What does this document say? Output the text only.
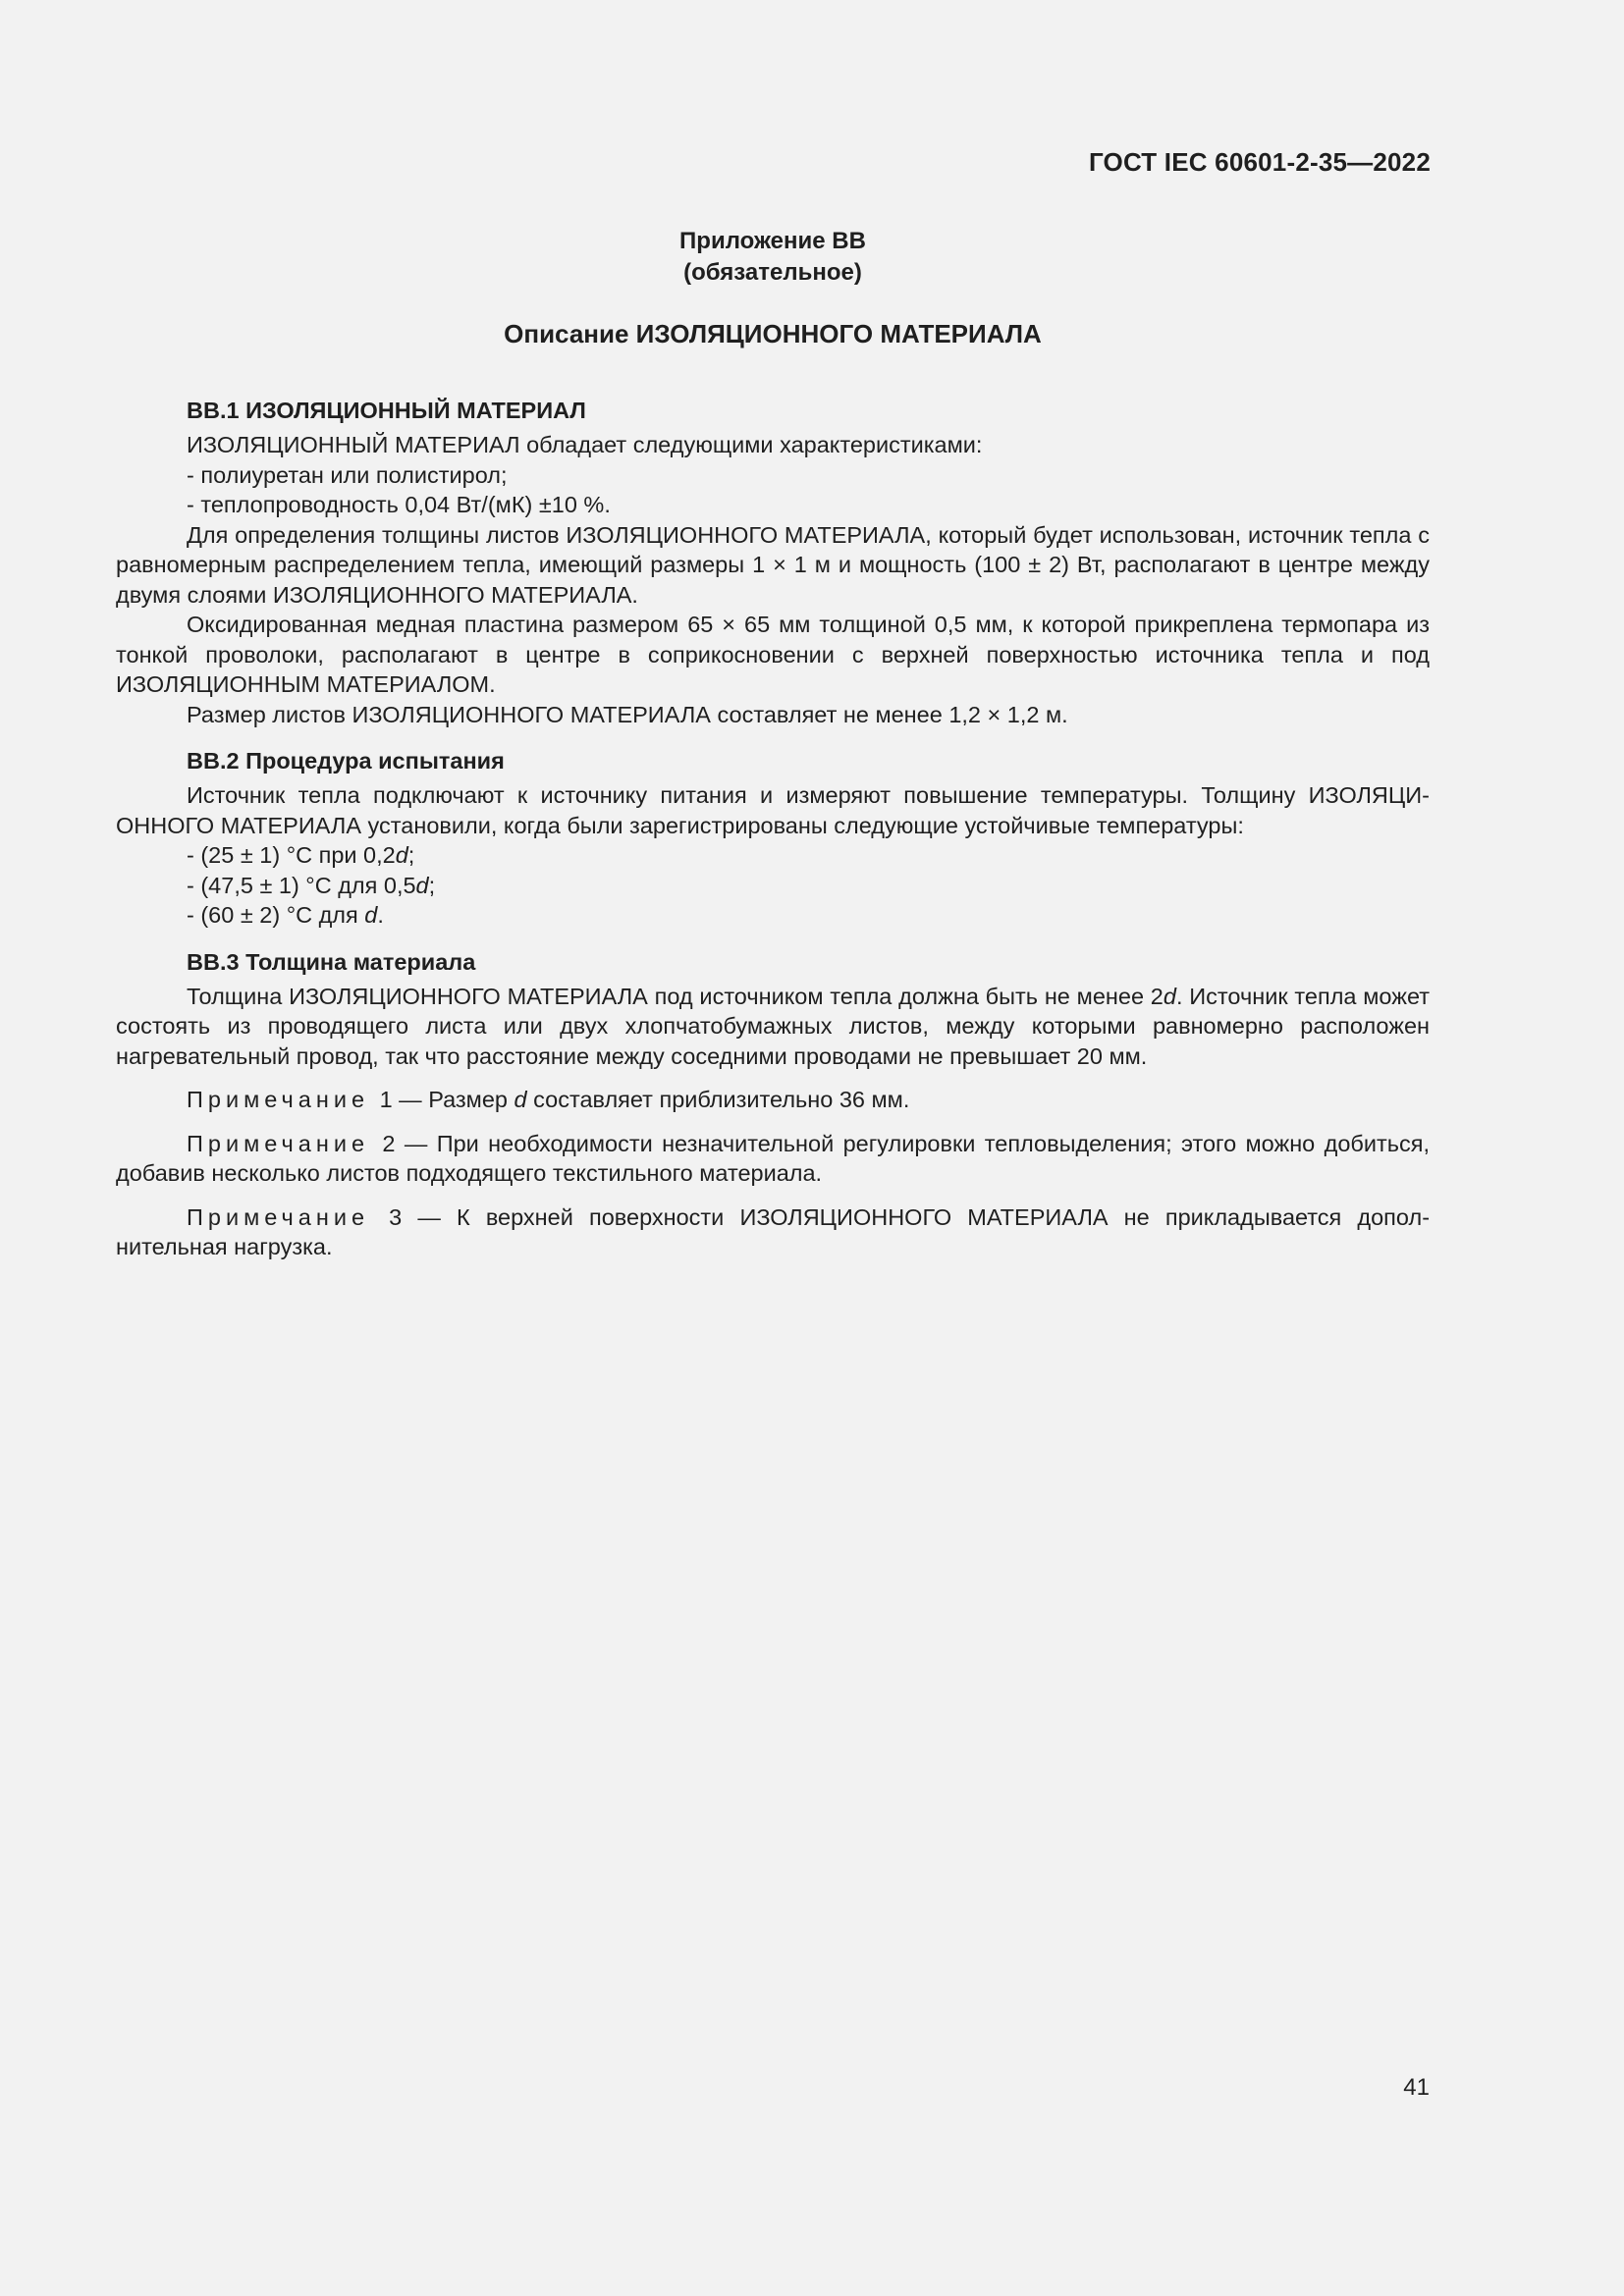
ГОСТ IEC 60601-2-35—2022
Приложение ВВ
(обязательное)
Описание ИЗОЛЯЦИОННОГО МАТЕРИАЛА
ВВ.1 ИЗОЛЯЦИОННЫЙ МАТЕРИАЛ

ИЗОЛЯЦИОННЫЙ МАТЕРИАЛ обладает следующими характеристиками:

- полиуретан или полистирол;
- теплопроводность 0,04 Вт/(мК) ±10 %.

Для определения толщины листов ИЗОЛЯЦИОННОГО МАТЕРИАЛА, который будет использован, источник тепла с равномерным распределением тепла, имеющий размеры 1 × 1 м и мощность (100 ± 2) Вт, располагают в центре между двумя слоями ИЗОЛЯЦИОННОГО МАТЕРИАЛА.

Оксидированная медная пластина размером 65 × 65 мм толщиной 0,5 мм, к которой прикреплена термопара из тонкой проволоки, располагают в центре в соприкосновении с верхней поверхностью источника тепла и под ИЗОЛЯЦИОННЫМ МАТЕРИАЛОМ.

Размер листов ИЗОЛЯЦИОННОГО МАТЕРИАЛА составляет не менее 1,2 × 1,2 м.

ВВ.2 Процедура испытания

Источник тепла подключают к источнику питания и измеряют повышение температуры. Толщину ИЗОЛЯЦИОННОГО МАТЕРИАЛА установили, когда были зарегистрированы следующие устойчивые температуры:

- (25 ± 1) °C при 0,2d;
- (47,5 ± 1) °C для 0,5d;
- (60 ± 2) °C для d.
ВВ.3 Толщина материала

Толщина ИЗОЛЯЦИОННОГО МАТЕРИАЛА под источником тепла должна быть не менее 2d. Источник тепла может состоять из проводящего листа или двух хлопчатобумажных листов, между которыми равномерно расположен нагревательный провод, так что расстояние между соседними проводами не превышает 20 мм.

Примечание 1 — Размер d составляет приблизительно 36 мм.

Примечание 2 — При необходимости незначительной регулировки тепловыделения; этого можно добиться, добавив несколько листов подходящего текстильного материала.

Примечание 3 — К верхней поверхности ИЗОЛЯЦИОННОГО МАТЕРИАЛА не прикладывается дополнительная нагрузка.

41
